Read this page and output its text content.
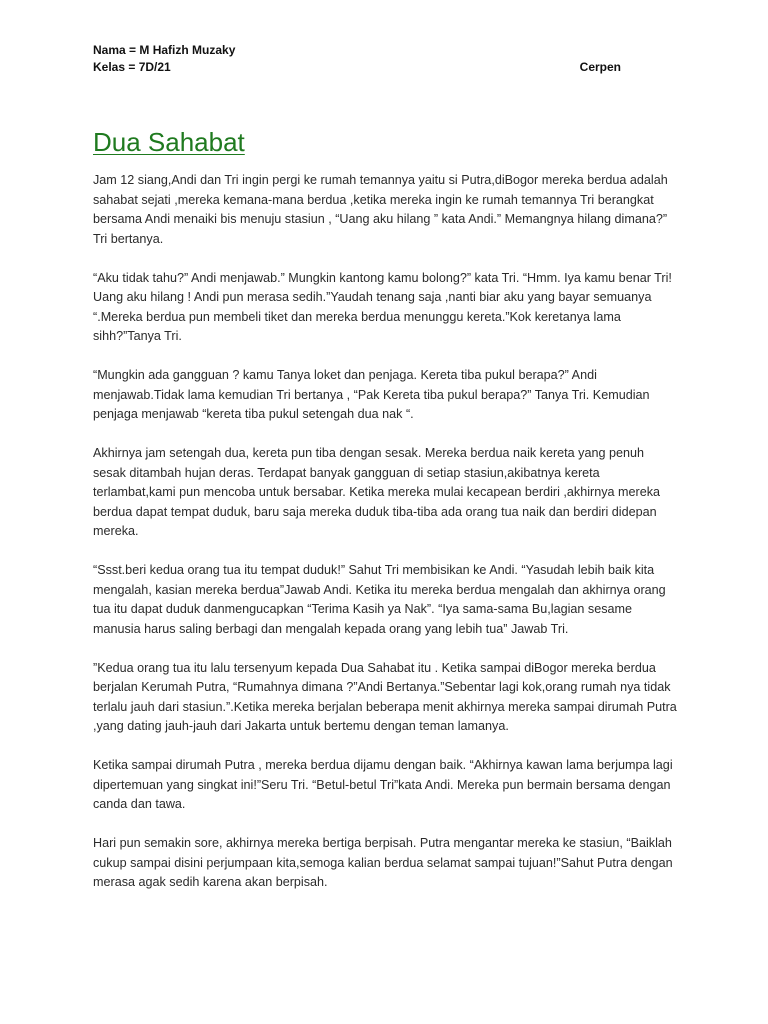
Nama = M Hafizh Muzaky
Kelas = 7D/21	Cerpen
Dua Sahabat

Jam 12 siang,Andi dan Tri ingin pergi ke rumah temannya yaitu si Putra,diBogor mereka berdua adalah sahabat sejati ,mereka kemana-mana berdua ,ketika mereka ingin ke rumah temannya Tri berangkat bersama Andi menaiki bis menuju stasiun , “Uang aku hilang ” kata Andi.” Memangnya hilang dimana?” Tri bertanya.

“Aku tidak tahu?” Andi menjawab.” Mungkin kantong kamu bolong?” kata Tri. “Hmm. Iya kamu benar Tri! Uang aku hilang ! Andi pun merasa sedih.”Yaudah tenang saja ,nanti biar aku yang bayar semuanya “.Mereka berdua pun membeli tiket dan mereka berdua menunggu kereta.”Kok keretanya lama sihh?”Tanya Tri.

“Mungkin ada gangguan ? kamu Tanya loket dan penjaga. Kereta tiba pukul berapa?” Andi menjawab.Tidak lama kemudian Tri bertanya , “Pak Kereta tiba pukul berapa?” Tanya Tri. Kemudian penjaga menjawab “kereta tiba pukul setengah dua nak “.

Akhirnya jam setengah dua, kereta pun tiba dengan sesak. Mereka berdua naik kereta yang penuh sesak ditambah hujan deras. Terdapat banyak gangguan di setiap stasiun,akibatnya kereta terlambat,kami pun mencoba untuk bersabar. Ketika mereka mulai kecapean berdiri ,akhirnya mereka berdua dapat tempat duduk, baru saja mereka duduk tiba-tiba ada orang tua naik dan berdiri didepan mereka.

“Ssst.beri kedua orang tua itu tempat duduk!” Sahut Tri membisikan ke Andi. “Yasudah lebih baik kita mengalah, kasian mereka berdua”Jawab Andi. Ketika itu mereka berdua mengalah dan akhirnya orang tua itu dapat duduk danmengucapkan “Terima Kasih ya Nak”. “Iya sama-sama Bu,lagian sesame manusia harus saling berbagi dan mengalah kepada orang yang lebih tua” Jawab Tri.

”Kedua orang tua itu lalu tersenyum kepada Dua Sahabat itu . Ketika sampai diBogor mereka berdua berjalan Kerumah Putra, “Rumahnya dimana ?”Andi Bertanya.”Sebentar lagi kok,orang rumah nya tidak terlalu jauh dari stasiun.”.Ketika mereka berjalan beberapa menit akhirnya mereka sampai dirumah Putra ,yang dating jauh-jauh dari Jakarta untuk bertemu dengan teman lamanya.

Ketika sampai dirumah Putra , mereka berdua dijamu dengan baik. “Akhirnya kawan lama berjumpa lagi dipertemuan yang singkat ini!”Seru Tri. “Betul-betul Tri”kata Andi. Mereka pun bermain bersama dengan canda dan tawa.

Hari pun semakin sore, akhirnya mereka bertiga berpisah. Putra mengantar mereka ke stasiun, “Baiklah cukup sampai disini perjumpaan kita,semoga kalian berdua selamat sampai tujuan!”Sahut Putra dengan merasa agak sedih karena akan berpisah.
